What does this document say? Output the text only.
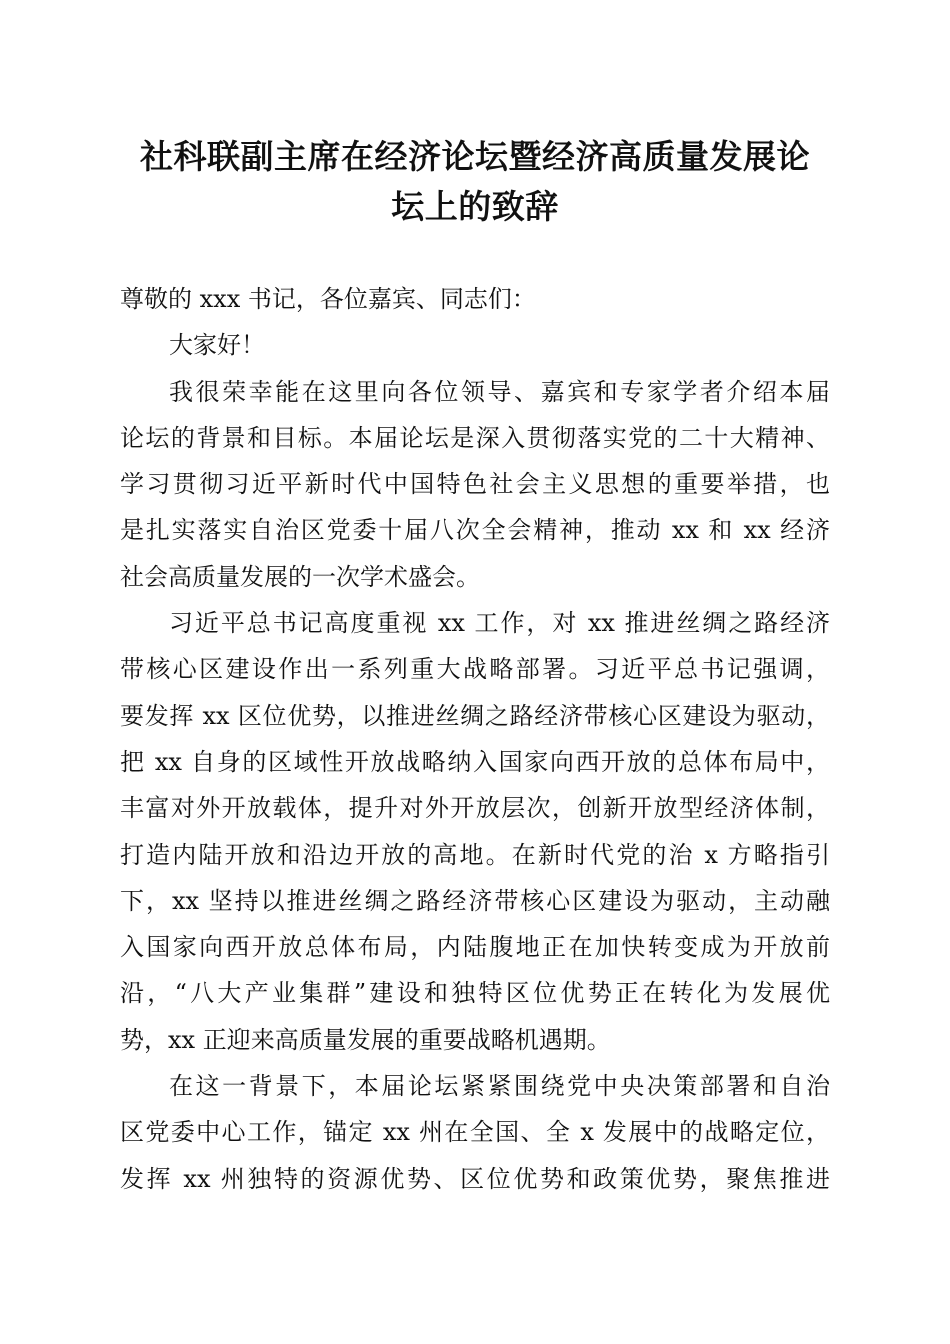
社科联副主席在经济论坛暨经济高质量发展论
坛上的致辞
尊敬的 xxx 书记，各位嘉宾、同志们：
大家好！
我很荣幸能在这里向各位领导、嘉宾和专家学者介绍本届
论坛的背景和目标。本届论坛是深入贯彻落实党的二十大精神、
学习贯彻习近平新时代中国特色社会主义思想的重要举措，也
是扎实落实自治区党委十届八次全会精神，推动 xx 和 xx 经济
社会高质量发展的一次学术盛会。
习近平总书记高度重视 xx 工作，对 xx 推进丝绸之路经济
带核心区建设作出一系列重大战略部署。习近平总书记强调，
要发挥 xx 区位优势，以推进丝绸之路经济带核心区建设为驱动，
把 xx 自身的区域性开放战略纳入国家向西开放的总体布局中，
丰富对外开放载体，提升对外开放层次，创新开放型经济体制，
打造内陆开放和沿边开放的高地。在新时代党的治 x 方略指引
下，xx 坚持以推进丝绸之路经济带核心区建设为驱动，主动融
入国家向西开放总体布局，内陆腹地正在加快转变成为开放前
沿，“八大产业集群”建设和独特区位优势正在转化为发展优
势，xx 正迎来高质量发展的重要战略机遇期。
在这一背景下，本届论坛紧紧围绕党中央决策部署和自治
区党委中心工作，锚定 xx 州在全国、全 x 发展中的战略定位，
发挥 xx 州独特的资源优势、区位优势和政策优势，聚焦推进
